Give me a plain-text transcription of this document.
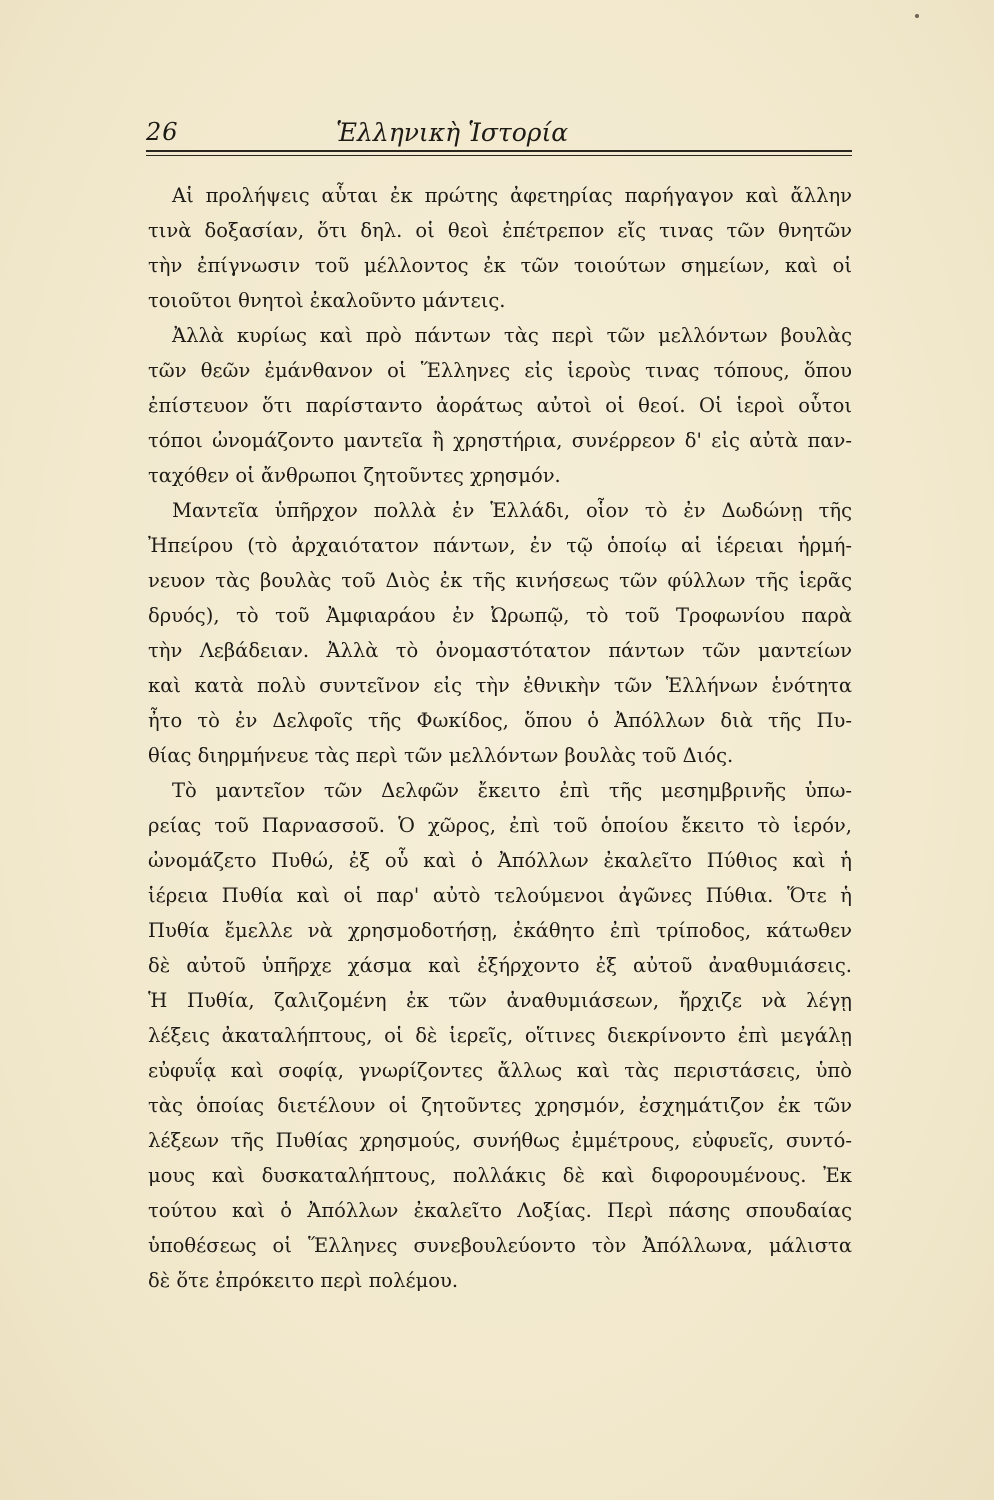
26	Ἑλληνικὴ Ἱστορία
Αἱ προλήψεις αὗται ἐκ πρώτης ἀφετηρίας παρήγαγον καὶ ἄλλην
τινὰ δοξασίαν, ὅτι δηλ. οἱ θεοὶ ἐπέτρεπον εἴς τινας τῶν θνητῶν
τὴν ἐπίγνωσιν τοῦ μέλλοντος ἐκ τῶν τοιούτων σημείων, καὶ οἱ
τοιοῦτοι θνητοὶ ἐκαλοῦντο μάντεις.
Ἀλλὰ κυρίως καὶ πρὸ πάντων τὰς περὶ τῶν μελλόντων βουλὰς
τῶν θεῶν ἐμάνθανον οἱ Ἕλληνες εἰς ἱεροὺς τινας τόπους, ὅπου
ἐπίστευον ὅτι παρίσταντο ἀοράτως αὐτοὶ οἱ θεοί. Οἱ ἱεροὶ οὗτοι
τόποι ὠνομάζοντο μαντεῖα ἢ χρηστήρια, συνέρρεον δ' εἰς αὐτὰ παν-
ταχόθεν οἱ ἄνθρωποι ζητοῦντες χρησμόν.
Μαντεῖα ὑπῆρχον πολλὰ ἐν Ἑλλάδι, οἷον τὸ ἐν Δωδώνῃ τῆς
Ἠπείρου (τὸ ἀρχαιότατον πάντων, ἐν τῷ ὁποίῳ αἱ ἱέρειαι ἡρμή-
νευον τὰς βουλὰς τοῦ Διὸς ἐκ τῆς κινήσεως τῶν φύλλων τῆς ἱερᾶς
δρυός), τὸ τοῦ Ἀμφιαράου ἐν Ὠρωπῷ, τὸ τοῦ Τροφωνίου παρὰ
τὴν Λεβάδειαν. Ἀλλὰ τὸ ὀνομαστότατον πάντων τῶν μαντείων
καὶ κατὰ πολὺ συντεῖνον εἰς τὴν ἐθνικὴν τῶν Ἑλλήνων ἑνότητα
ἦτο τὸ ἐν Δελφοῖς τῆς Φωκίδος, ὅπου ὁ Ἀπόλλων διὰ τῆς Πυ-
θίας διηρμήνευε τὰς περὶ τῶν μελλόντων βουλὰς τοῦ Διός.
Τὸ μαντεῖον τῶν Δελφῶν ἔκειτο ἐπὶ τῆς μεσημβρινῆς ὑπω-
ρείας τοῦ Παρνασσοῦ. Ὁ χῶρος, ἐπὶ τοῦ ὁποίου ἔκειτο τὸ ἱερόν,
ὠνομάζετο Πυθώ, ἐξ οὗ καὶ ὁ Ἀπόλλων ἐκαλεῖτο Πύθιος καὶ ἡ
ἱέρεια Πυθία καὶ οἱ παρ' αὐτὸ τελούμενοι ἀγῶνες Πύθια. Ὅτε ἡ
Πυθία ἔμελλε νὰ χρησμοδοτήσῃ, ἐκάθητο ἐπὶ τρίποδος, κάτωθεν
δὲ αὐτοῦ ὑπῆρχε χάσμα καὶ ἐξήρχοντο ἐξ αὐτοῦ ἀναθυμιάσεις.
Ἡ Πυθία, ζαλιζομένη ἐκ τῶν ἀναθυμιάσεων, ἤρχιζε νὰ λέγῃ
λέξεις ἀκαταλήπτους, οἱ δὲ ἱερεῖς, οἵτινες διεκρίνοντο ἐπὶ μεγάλῃ
εὐφυΐᾳ καὶ σοφίᾳ, γνωρίζοντες ἄλλως καὶ τὰς περιστάσεις, ὑπὸ
τὰς ὁποίας διετέλουν οἱ ζητοῦντες χρησμόν, ἐσχημάτιζον ἐκ τῶν
λέξεων τῆς Πυθίας χρησμούς, συνήθως ἐμμέτρους, εὐφυεῖς, συντό-
μους καὶ δυσκαταλήπτους, πολλάκις δὲ καὶ διφορουμένους. Ἐκ
τούτου καὶ ὁ Ἀπόλλων ἐκαλεῖτο Λοξίας. Περὶ πάσης σπουδαίας
ὑποθέσεως οἱ Ἕλληνες συνεβουλεύοντο τὸν Ἀπόλλωνα, μάλιστα
δὲ ὅτε ἐπρόκειτο περὶ πολέμου.
